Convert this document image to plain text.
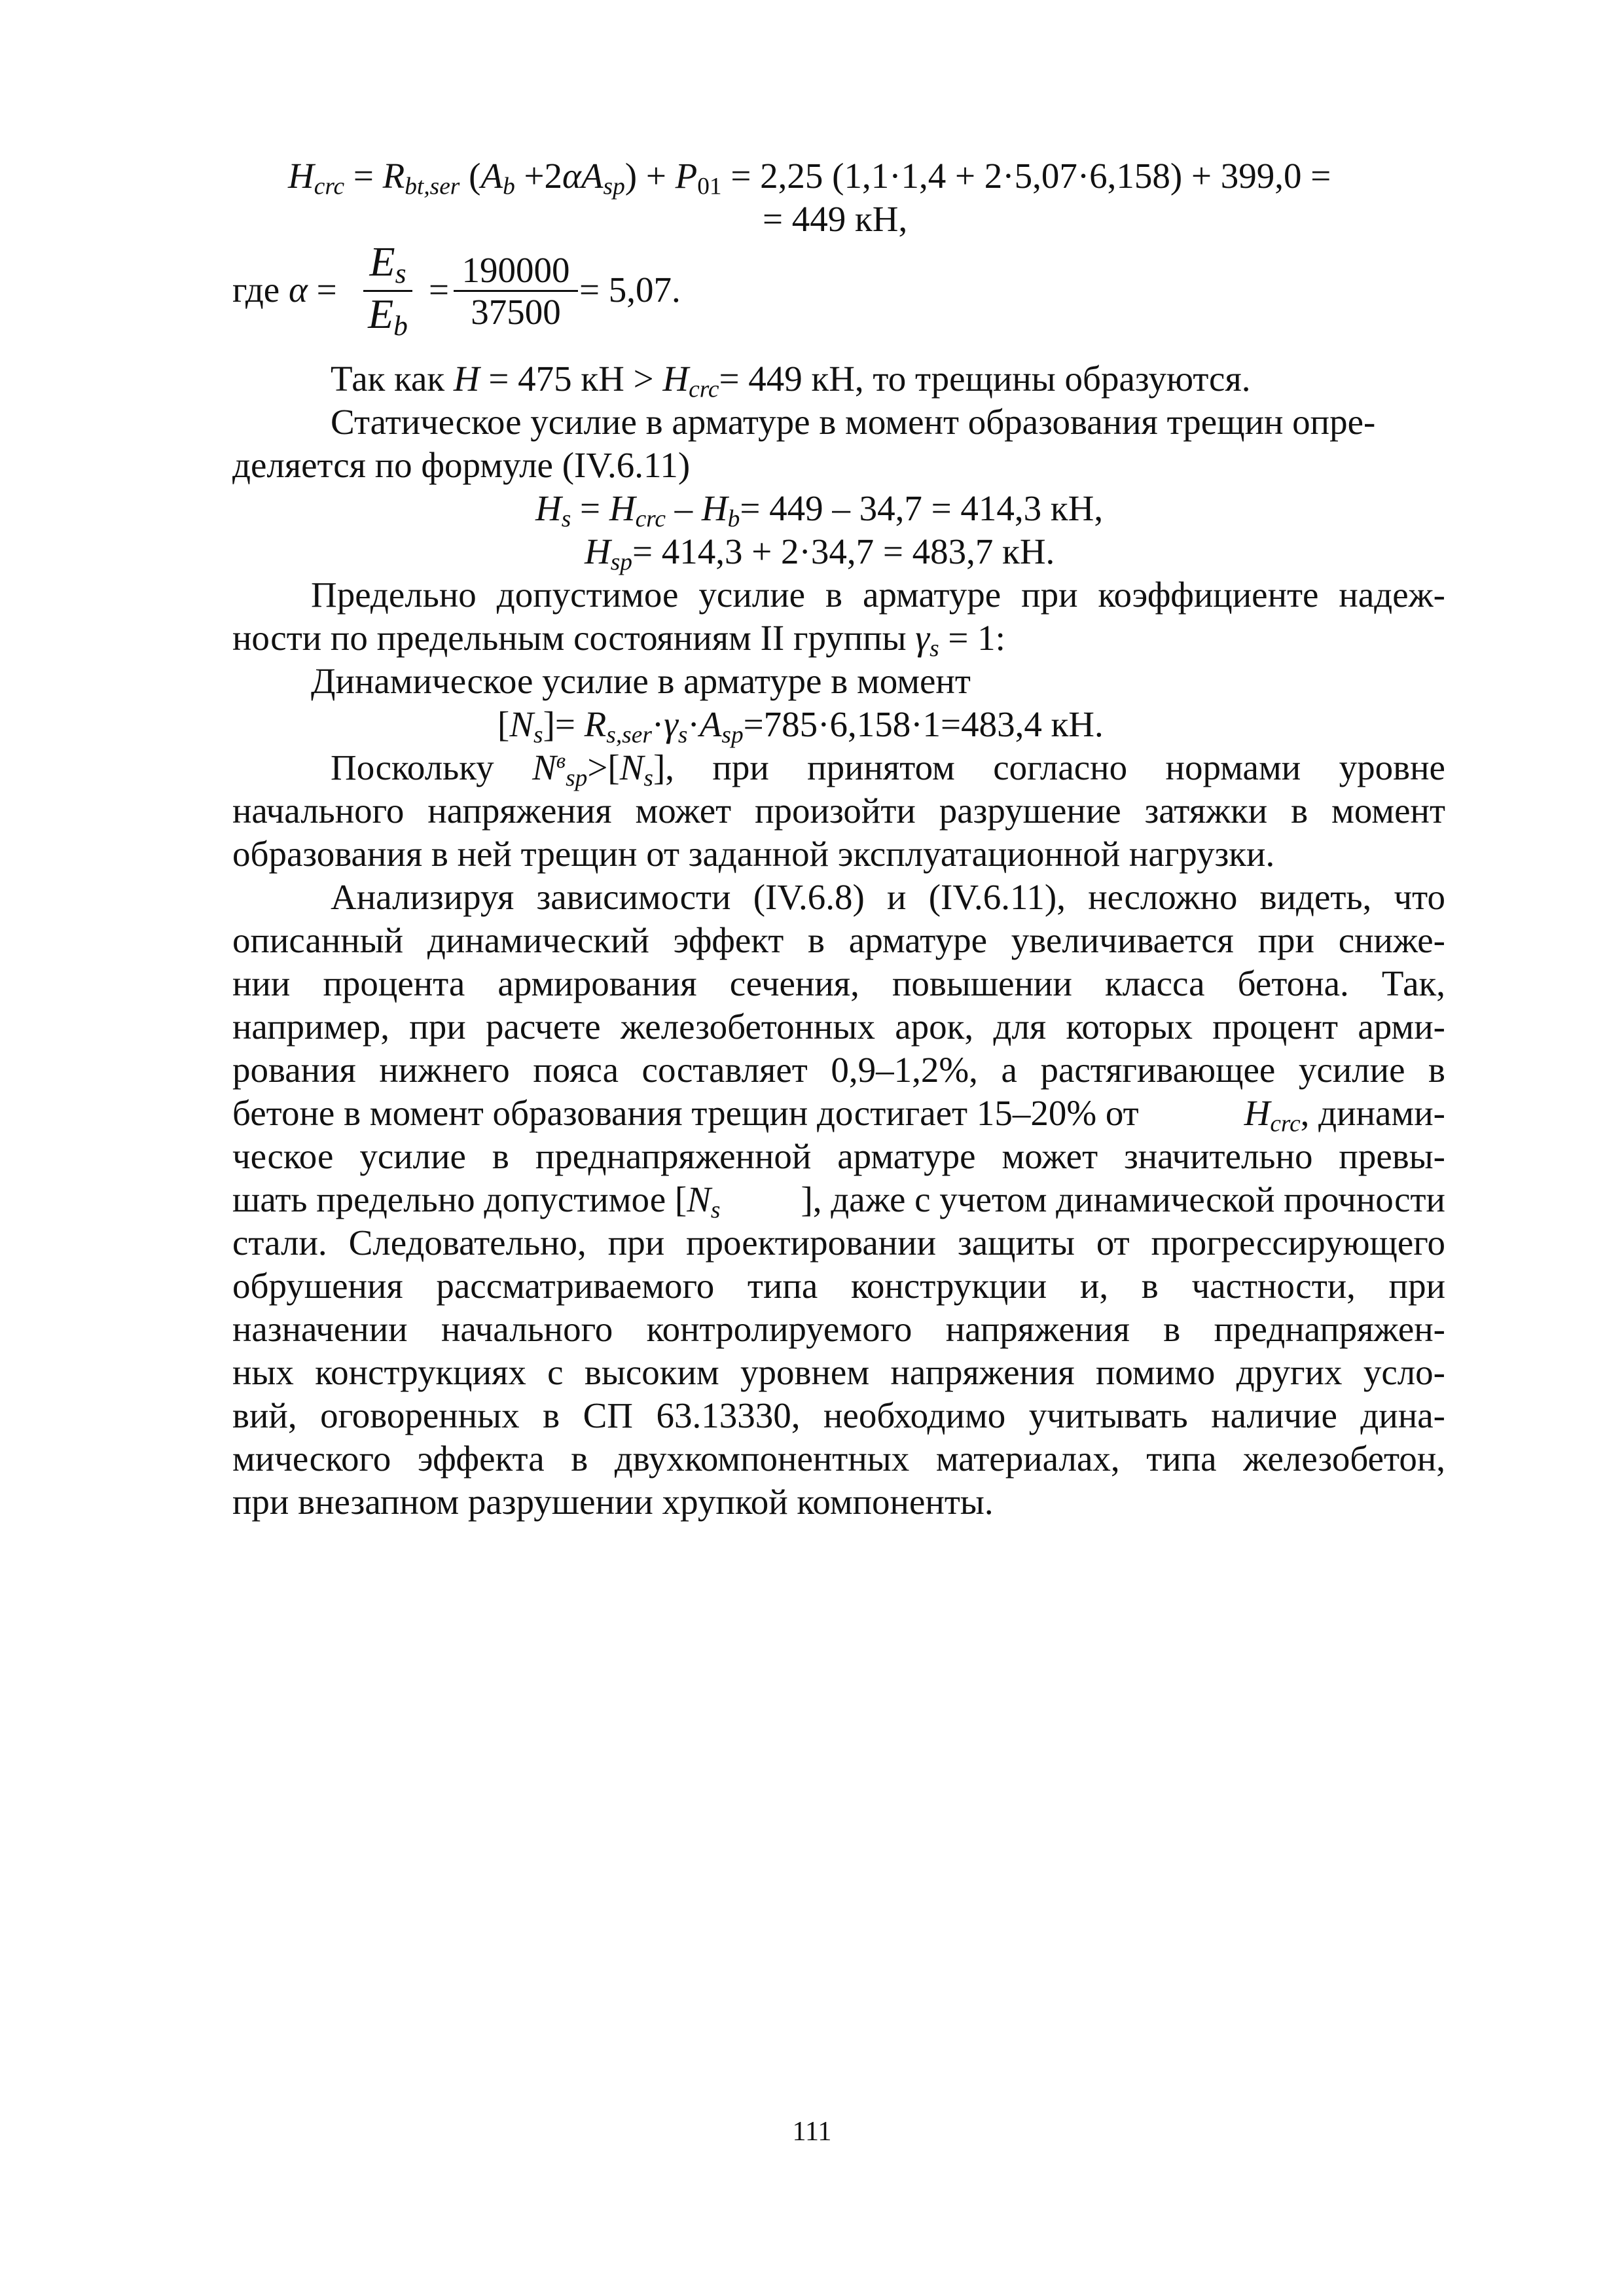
$H_{crc} = R_{bt,ser}$ $(A_b +2\alpha A_{sp}) + P_{01} = 2,25$ (1,1·1,4 + 2·5,07·6,158) + 399,0 =
= 449 кН,
где α =
$E_s$
$E_b$
= 190000
37500
= 5,07.
Так как H = 475 кН > $H_{crc}= 449$ кН, то трещины образуются.
Статическое усилие в арматуре в момент образования трещин опре-
деляется по формуле (IV.6.11)
$H_s = H_{crc} - H_b= 449 - 34,7 = 414,3$ кН,
$H_{sp}= 414,3 + 2\cdot 34,7 = 483,7$ кН.
Предельно допустимое усилие в арматуре при коэффициенте надеж-
ности по предельным состояниям II группы $\gamma_s = 1$:
Динамическое усилие в арматуре в момент
$[N_s]= R_{s,ser}\cdot\gamma_s\cdot A_{sp}=785\cdot 6,158\cdot 1=483,4$ кН.
Поскольку $N^в_{sp}>[N_s]$, при принятом согласно нормами уровне
начального напряжения может произойти разрушение затяжки в момент
образования в ней трещин от заданной эксплуатационной нагрузки.
Анализируя зависимости (IV.6.8) и (IV.6.11), несложно видеть, что
описанный динамический эффект в арматуре увеличивается при сниже-
нии процента армирования сечения, повышении класса бетона. Так,
например, при расчете железобетонных арок, для которых процент арми-
рования нижнего пояса составляет 0,9–1,2%, а растягивающее усилие в
бетоне в момент образования трещин достигает 15–20% от	$H_{crc}$, динами-
ческое усилие в преднапряженной арматуре может значительно превы-
шать предельно допустимое [$N_s$ ], даже с учетом динамической прочности
стали. Следовательно, при проектировании защиты от прогрессирующего
обрушения рассматриваемого типа конструкции и, в частности, при
назначении начального контролируемого напряжения в преднапряжен-
ных конструкциях с высоким уровнем напряжения помимо других усло-
вий, оговоренных в СП 63.13330, необходимо учитывать наличие дина-
мического эффекта в двухкомпонентных материалах, типа железобетон,
при внезапном разрушении хрупкой компоненты.
111
